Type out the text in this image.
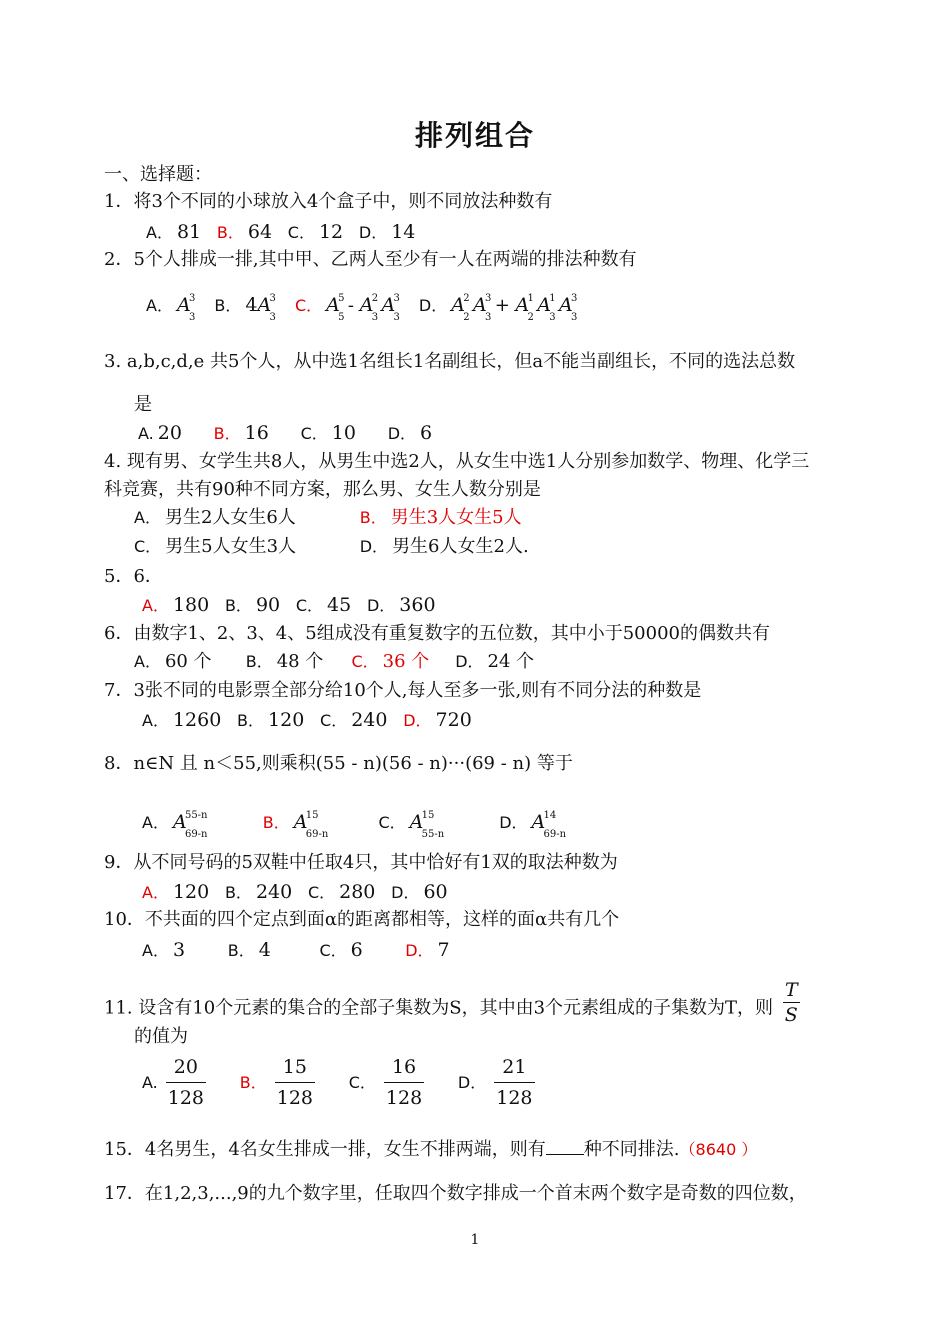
排列组合
一、选择题：
1．将3个不同的小球放入4个盒子中，则不同放法种数有
A． 81 B． 64 C． 12 D． 14
2．5个人排成一排,其中甲、乙两人至少有一人在两端的排法种数有
A． A
3
3
B． 4A
3
3
C． A
5
5
- A
2
3
A
3
3
D． A
2
2
A
3
3
+ A
1
2
A
1
3
A
3
3
3. a,b,c,d,e 共5个人，从中选1名组长1名副组长，但a不能当副组长，不同的选法总数
是
A. 20 B． 16 C． 10 D． 6
4. 现有男、女学生共8人，从男生中选2人，从女生中选1人分别参加数学、物理、化学三
科竞赛，共有90种不同方案，那么男、女生人数分别是
A． 男生2人女生6人	B． 男生3人女生5人
C． 男生5人女生3人	D． 男生6人女生2人.
5．6．
A． 180 B． 90 C． 45 D． 360
6．由数字1、2、3、4、5组成没有重复数字的五位数，其中小于50000的偶数共有
A． 60 个 B． 48 个 C． 36 个 D． 24 个
7．3张不同的电影票全部分给10个人,每人至多一张,则有不同分法的种数是
A． 1260 B． 120 C． 240 D． 720
8．n∈N 且 n＜55,则乘积(55 - n)(56 - n)···(69 - n) 等于
A． A
55-n
69-n
B． A
15
69-n
C． A
15
55-n
D． A
14
69-n
9．从不同号码的5双鞋中任取4只，其中恰好有1双的取法种数为
A． 120 B． 240 C． 280 D． 60
10．不共面的四个定点到面α的距离都相等，这样的面α共有几个
A． 3	B． 4	C． 6	D． 7
11. 设含有10个元素的集合的全部子集数为S，其中由3个元素组成的子集数为T，则 $\frac{T}{S}$
的值为
A. $\frac{20}{128}$ B． $\frac{15}{128}$ C． $\frac{16}{128}$ D． $\frac{21}{128}$
15．4名男生，4名女生排成一排，女生不排两端，则有 种不同排法.（8640 ）
17．在1,2,3,...,9的九个数字里，任取四个数字排成一个首末两个数字是奇数的四位数，
1
